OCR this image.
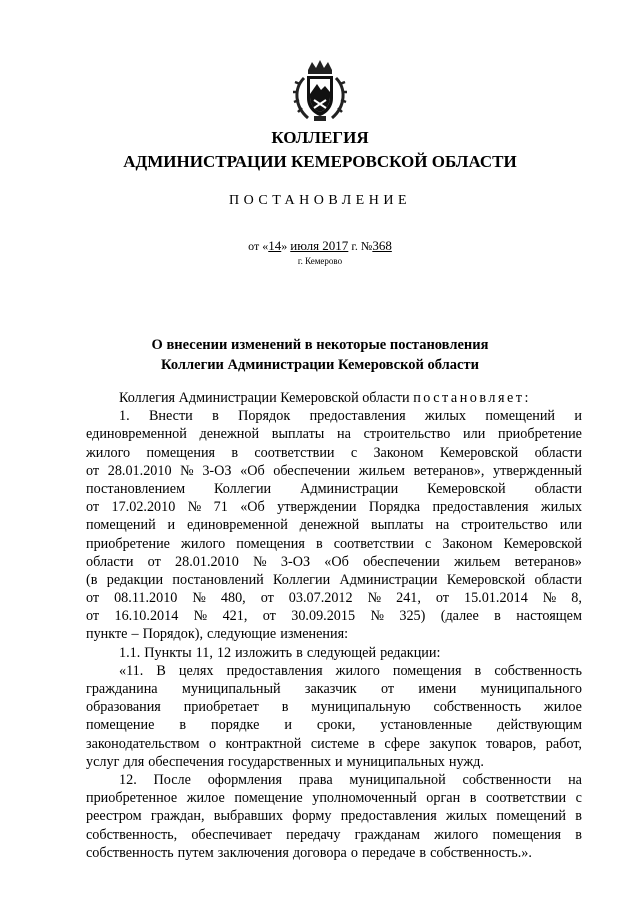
КОЛЛЕГИЯ
АДМИНИСТРАЦИИ КЕМЕРОВСКОЙ ОБЛАСТИ
ПОСТАНОВЛЕНИЕ
от «14» июля 2017 г. №368
г. Кемерово
О внесении изменений в некоторые постановления
Коллегии Администрации Кемеровской области
Коллегия Администрации Кемеровской области
постановляет:
1. Внести в Порядок предоставления жилых помещений и
единовременной денежной выплаты на строительство или приобретение
жилого помещения в соответствии с Законом Кемеровской области
от 28.01.2010 № 3-ОЗ «Об обеспечении жильем ветеранов», утвержденный
постановлением Коллегии Администрации Кемеровской области
от 17.02.2010 № 71 «Об утверждении Порядка предоставления жилых
помещений и единовременной денежной выплаты на строительство или
приобретение жилого помещения в соответствии с Законом Кемеровской
области от 28.01.2010 № 3-ОЗ «Об обеспечении жильем ветеранов»
(в редакции постановлений Коллегии Администрации Кемеровской области
от 08.11.2010 № 480, от 03.07.2012 № 241, от 15.01.2014 № 8,
от 16.10.2014 № 421, от 30.09.2015 № 325) (далее в настоящем
пункте – Порядок), следующие изменения:
1.1. Пункты 11, 12 изложить в следующей редакции:
«11. В целях предоставления жилого помещения в собственность
гражданина муниципальный заказчик от имени муниципального
образования приобретает в муниципальную собственность жилое
помещение в порядке и сроки, установленные действующим
законодательством о контрактной системе в сфере закупок товаров, работ,
услуг для обеспечения государственных и муниципальных нужд.
12. После оформления права муниципальной собственности на
приобретенное жилое помещение уполномоченный орган в соответствии с
реестром граждан, выбравших форму предоставления жилых помещений в
собственность, обеспечивает передачу гражданам жилого помещения в
собственность путем заключения договора о передаче в собственность.».
